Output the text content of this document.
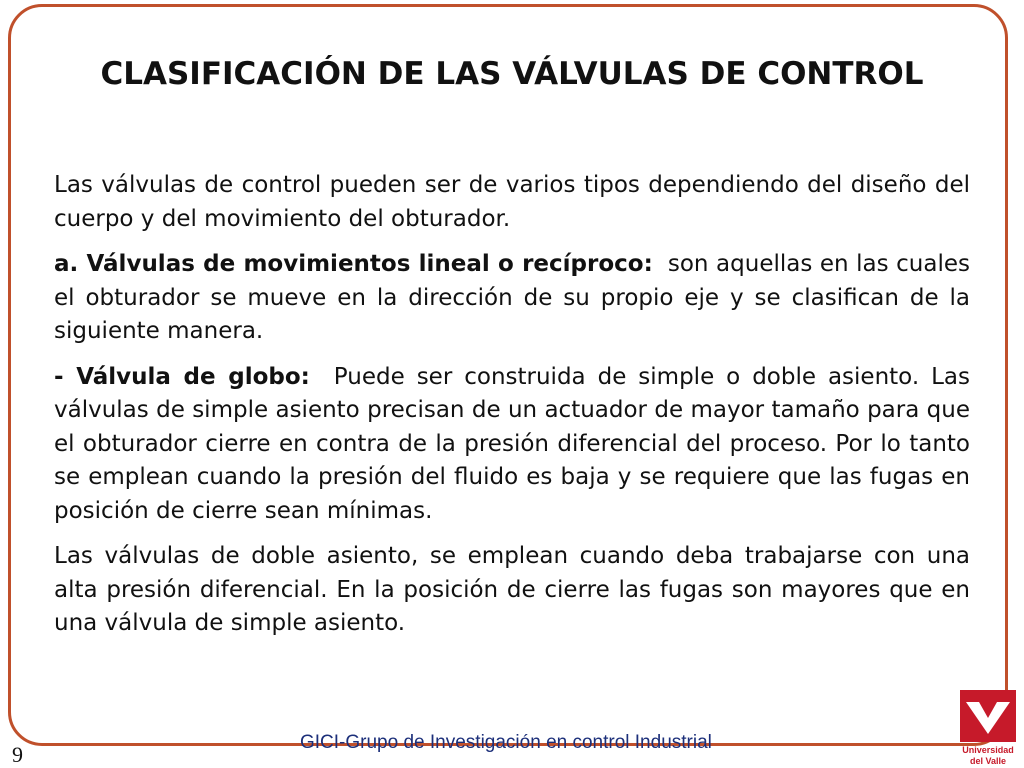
CLASIFICACIÓN DE LAS VÁLVULAS DE CONTROL

Las válvulas de control pueden ser de varios tipos dependiendo del diseño del cuerpo y del movimiento del obturador.

a. Válvulas de movimientos lineal o recíproco: son aquellas en las cuales el obturador se mueve en la dirección de su propio eje y se clasifican de la siguiente manera.

- Válvula de globo: Puede ser construida de simple o doble asiento. Las válvulas de simple asiento precisan de un actuador de mayor tamaño para que el obturador cierre en contra de la presión diferencial del proceso. Por lo tanto se emplean cuando la presión del fluido es baja y se requiere que las fugas en posición de cierre sean mínimas.

Las válvulas de doble asiento, se emplean cuando deba trabajarse con una alta presión diferencial. En la posición de cierre las fugas son mayores que en una válvula de simple asiento.

GICI-Grupo de Investigación en control Industrial
9	Universidad
del Valle
